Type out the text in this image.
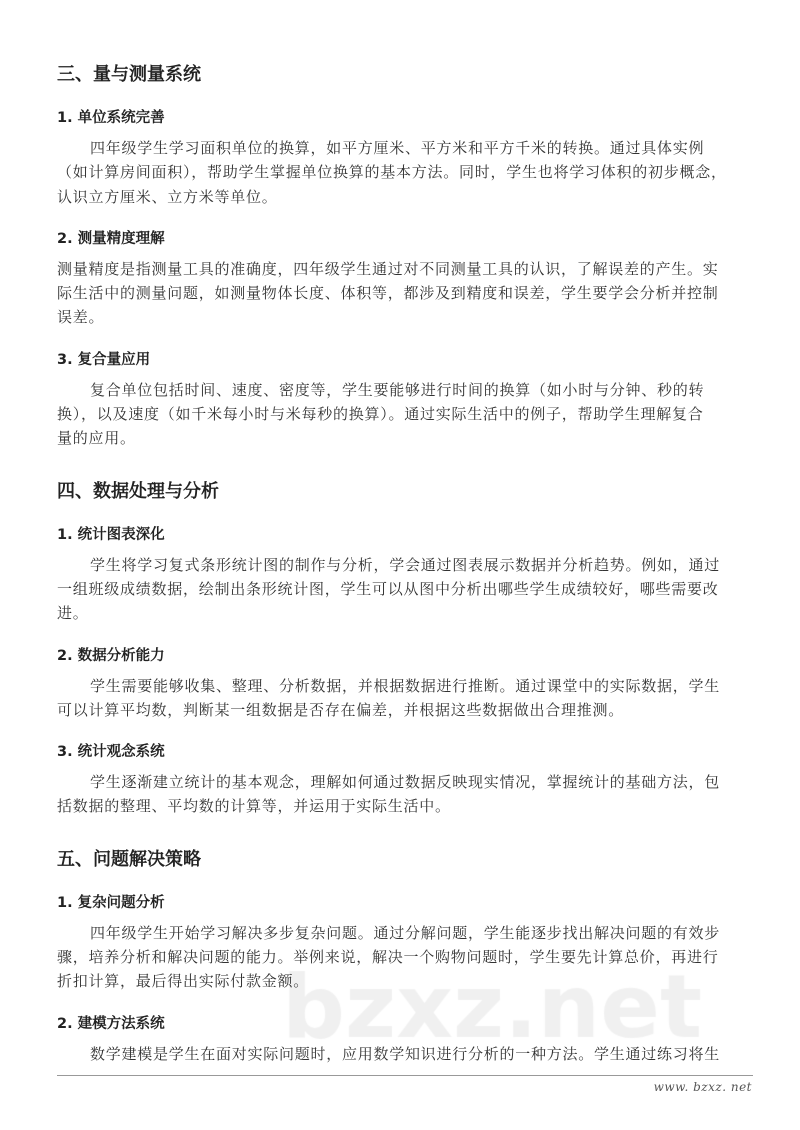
三、量与测量系统
1. 单位系统完善
四年级学生学习面积单位的换算，如平方厘米、平方米和平方千米的转换。通过具体实例
（如计算房间面积），帮助学生掌握单位换算的基本方法。同时，学生也将学习体积的初步概念，
认识立方厘米、立方米等单位。
2. 测量精度理解
测量精度是指测量工具的准确度，四年级学生通过对不同测量工具的认识，了解误差的产生。实
际生活中的测量问题，如测量物体长度、体积等，都涉及到精度和误差，学生要学会分析并控制
误差。
3. 复合量应用
复合单位包括时间、速度、密度等，学生要能够进行时间的换算（如小时与分钟、秒的转
换），以及速度（如千米每小时与米每秒的换算）。通过实际生活中的例子，帮助学生理解复合
量的应用。
四、数据处理与分析
1. 统计图表深化
学生将学习复式条形统计图的制作与分析，学会通过图表展示数据并分析趋势。例如，通过
一组班级成绩数据，绘制出条形统计图，学生可以从图中分析出哪些学生成绩较好，哪些需要改
进。
2. 数据分析能力
学生需要能够收集、整理、分析数据，并根据数据进行推断。通过课堂中的实际数据，学生
可以计算平均数，判断某一组数据是否存在偏差，并根据这些数据做出合理推测。
3. 统计观念系统
学生逐渐建立统计的基本观念，理解如何通过数据反映现实情况，掌握统计的基础方法，包
括数据的整理、平均数的计算等，并运用于实际生活中。
五、问题解决策略
1. 复杂问题分析
四年级学生开始学习解决多步复杂问题。通过分解问题，学生能逐步找出解决问题的有效步
骤，培养分析和解决问题的能力。举例来说，解决一个购物问题时，学生要先计算总价，再进行
折扣计算，最后得出实际付款金额。
2. 建模方法系统
数学建模是学生在面对实际问题时，应用数学知识进行分析的一种方法。学生通过练习将生
www. bzxz. net
